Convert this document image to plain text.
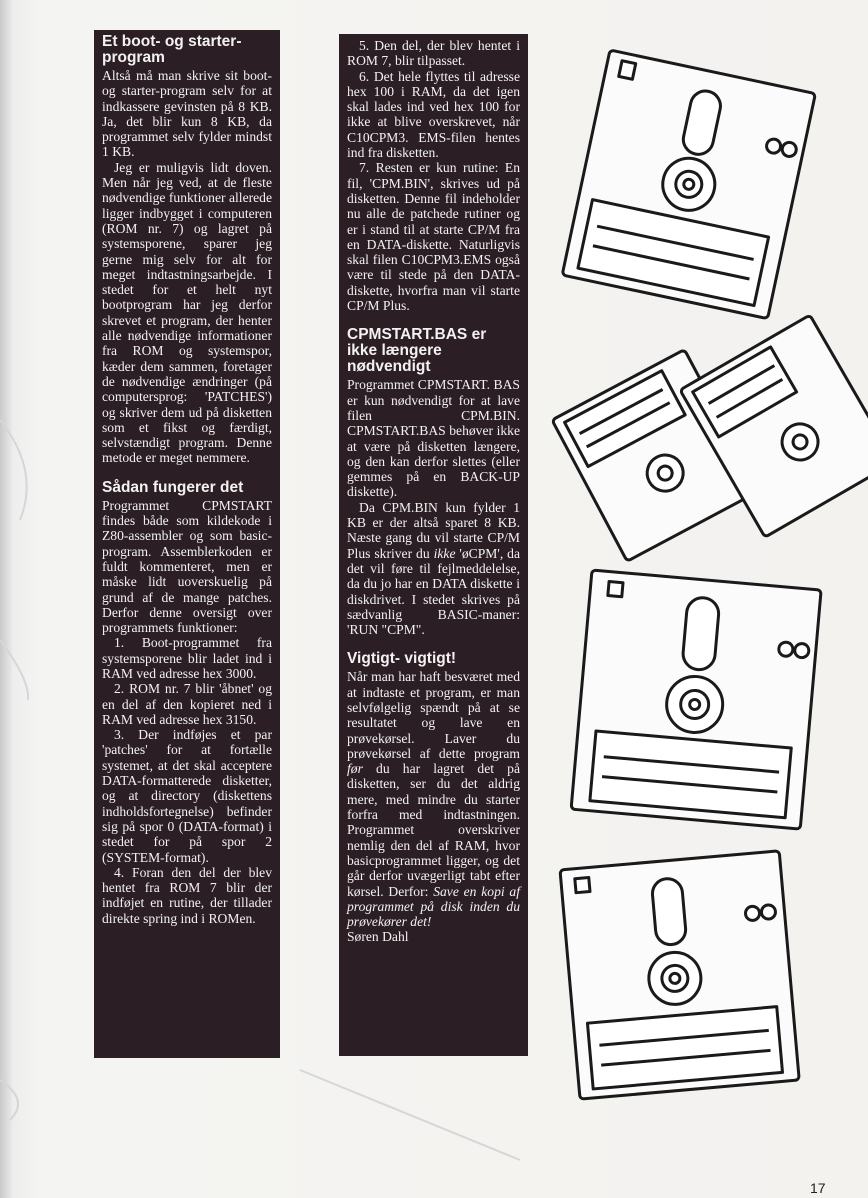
Et boot- og starter-program

Altså må man skrive sit boot- og starter-program selv for at indkassere gevinsten på 8 KB. Ja, det blir kun 8 KB, da programmet selv fylder mindst 1 KB.

Jeg er muligvis lidt doven. Men når jeg ved, at de fleste nødvendige funktioner allerede ligger indbygget i computeren (ROM nr. 7) og lagret på systemsporene, sparer jeg gerne mig selv for alt for meget indtastningsarbejde. I stedet for et helt nyt bootprogram har jeg derfor skrevet et program, der henter alle nødvendige informationer fra ROM og systemspor, kæder dem sammen, foretager de nødvendige ændringer (på computersprog: 'PATCHES') og skriver dem ud på disketten som et fikst og færdigt, selvstændigt program. Denne metode er meget nemmere.

Sådan fungerer det

Programmet CPMSTART findes både som kildekode i Z80-assembler og som basic-program. Assemblerkoden er fuldt kommenteret, men er måske lidt uoverskuelig på grund af de mange patches. Derfor denne oversigt over programmets funktioner:

1. Boot-programmet fra systemsporene blir ladet ind i RAM ved adresse hex 3000.

2. ROM nr. 7 blir 'åbnet' og en del af den kopieret ned i RAM ved adresse hex 3150.

3. Der indføjes et par 'patches' for at fortælle systemet, at det skal acceptere DATA-formatterede disketter, og at directory (diskettens indholdsfortegnelse) befinder sig på spor 0 (DATA-format) i stedet for på spor 2 (SYSTEM-format).

4. Foran den del der blev hentet fra ROM 7 blir der indføjet en rutine, der tillader direkte spring ind i ROMen.

5. Den del, der blev hentet i ROM 7, blir tilpasset.

6. Det hele flyttes til adresse hex 100 i RAM, da det igen skal lades ind ved hex 100 for ikke at blive overskrevet, når C10CPM3. EMS-filen hentes ind fra disketten.

7. Resten er kun rutine: En fil, 'CPM.BIN', skrives ud på disketten. Denne fil indeholder nu alle de patchede rutiner og er i stand til at starte CP/M fra en DATA-diskette. Naturligvis skal filen C10CPM3.EMS også være til stede på den DATA-diskette, hvorfra man vil starte CP/M Plus.

CPMSTART.BAS er ikke længere nødvendigt

Programmet CPMSTART. BAS er kun nødvendigt for at lave filen CPM.BIN. CPMSTART.BAS behøver ikke at være på disketten længere, og den kan derfor slettes (eller gemmes på en BACK-UP diskette).

Da CPM.BIN kun fylder 1 KB er der altså sparet 8 KB. Næste gang du vil starte CP/M Plus skriver du ikke 'øCPM', da det vil føre til fejlmeddelelse, da du jo har en DATA diskette i diskdrivet. I stedet skrives på sædvanlig BASIC-maner: 'RUN "CPM".

Vigtigt- vigtigt!

Når man har haft besværet med at indtaste et program, er man selvfølgelig spændt på at se resultatet og lave en prøvekørsel. Laver du prøvekørsel af dette program før du har lagret det på disketten, ser du det aldrig mere, med mindre du starter forfra med indtastningen. Programmet overskriver nemlig den del af RAM, hvor basicprogrammet ligger, og det går derfor uvægerligt tabt efter kørsel. Derfor: Save en kopi af programmet på disk inden du prøvekører det!

Søren Dahl

17
